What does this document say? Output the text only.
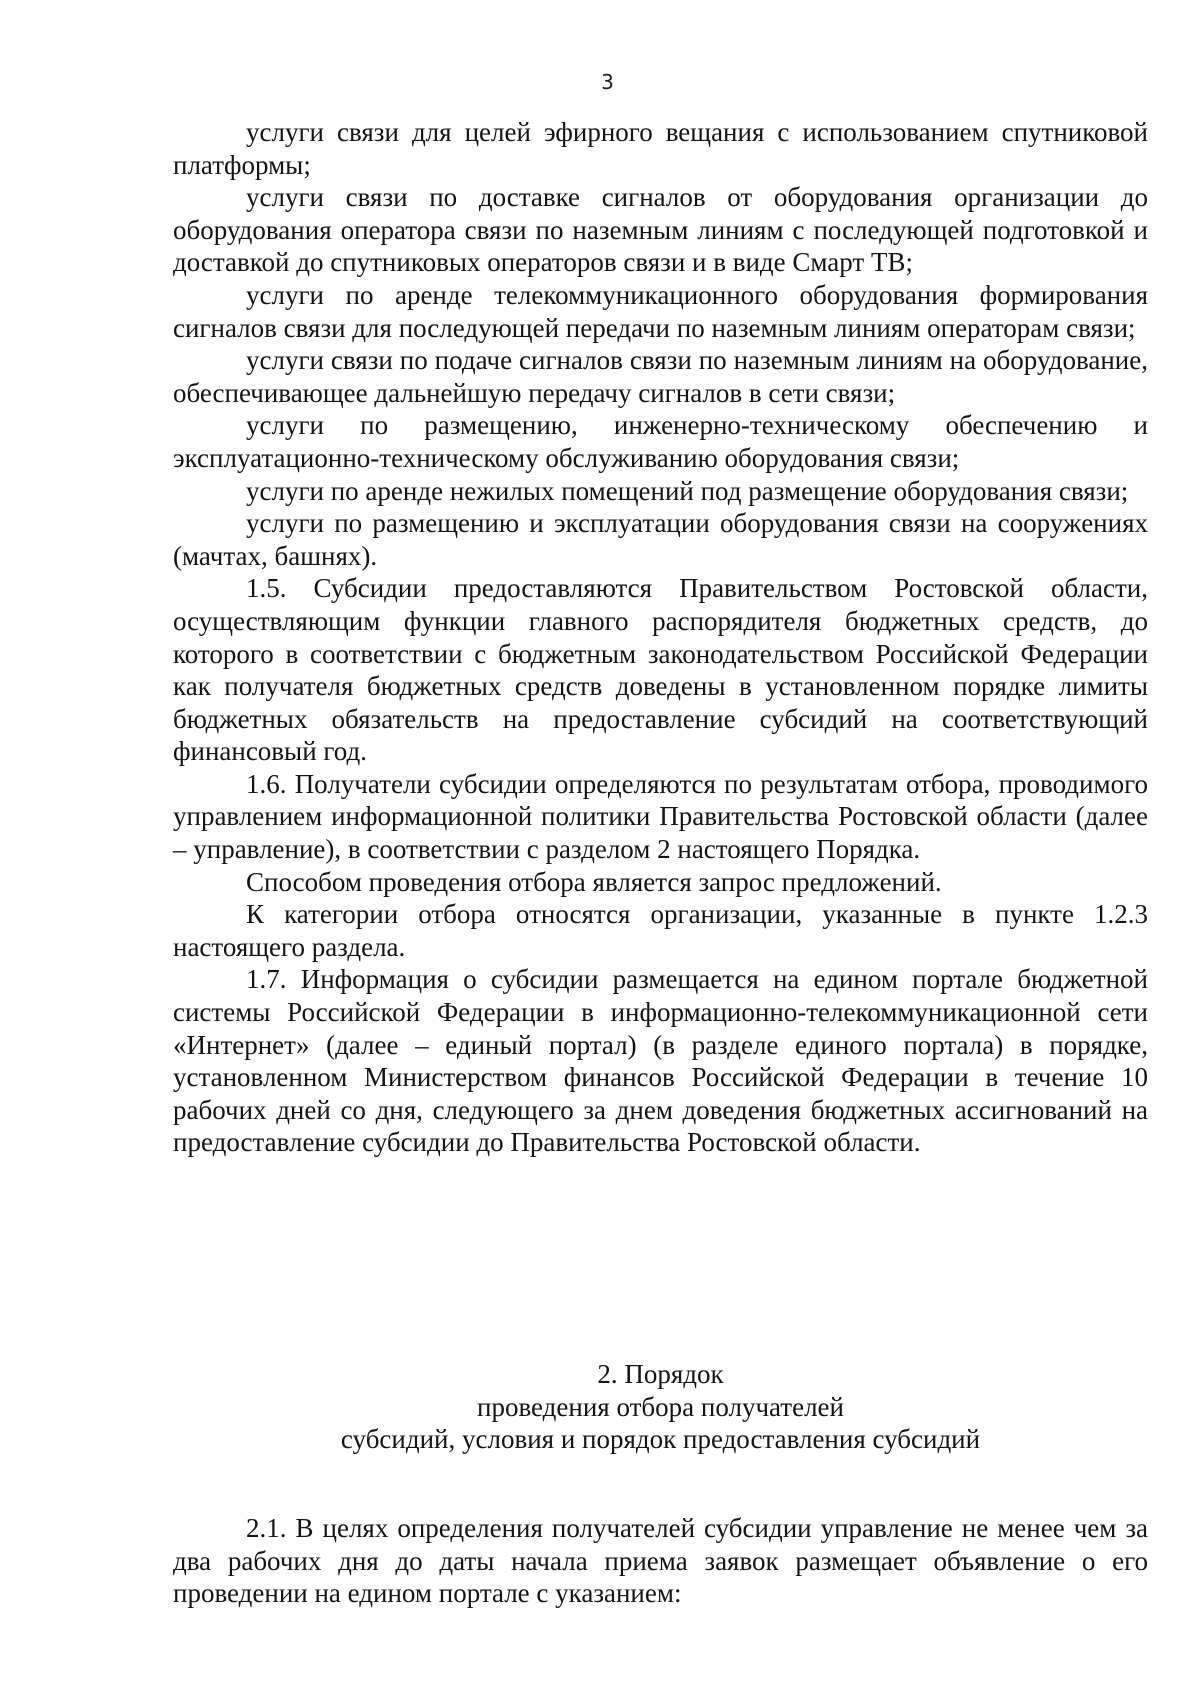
3

услуги связи для целей эфирного вещания с использованием спутниковой платформы;

услуги связи по доставке сигналов от оборудования организации до оборудования оператора связи по наземным линиям с последующей подготовкой и доставкой до спутниковых операторов связи и в виде Смарт ТВ;

услуги по аренде телекоммуникационного оборудования формирования сигналов связи для последующей передачи по наземным линиям операторам связи;

услуги связи по подаче сигналов связи по наземным линиям на оборудование, обеспечивающее дальнейшую передачу сигналов в сети связи;

услуги по размещению, инженерно-техническому обеспечению и эксплуатационно-техническому обслуживанию оборудования связи;

услуги по аренде нежилых помещений под размещение оборудования связи;

услуги по размещению и эксплуатации оборудования связи на сооружениях (мачтах, башнях).

1.5. Субсидии предоставляются Правительством Ростовской области, осуществляющим функции главного распорядителя бюджетных средств, до которого в соответствии с бюджетным законодательством Российской Федерации как получателя бюджетных средств доведены в установленном порядке лимиты бюджетных обязательств на предоставление субсидий на соответствующий финансовый год.

1.6. Получатели субсидии определяются по результатам отбора, проводимого управлением информационной политики Правительства Ростовской области (далее – управление), в соответствии с разделом 2 настоящего Порядка.

Способом проведения отбора является запрос предложений.

К категории отбора относятся организации, указанные в пункте 1.2.3 настоящего раздела.

1.7. Информация о субсидии размещается на едином портале бюджетной системы Российской Федерации в информационно-телекоммуникационной сети «Интернет» (далее – единый портал) (в разделе единого портала) в порядке, установленном Министерством финансов Российской Федерации в течение 10 рабочих дней со дня, следующего за днем доведения бюджетных ассигнований на предоставление субсидии до Правительства Ростовской области.

2. Порядок
проведения отбора получателей
субсидий, условия и порядок предоставления субсидий

2.1. В целях определения получателей субсидии управление не менее чем за два рабочих дня до даты начала приема заявок размещает объявление о его проведении на едином портале с указанием:
